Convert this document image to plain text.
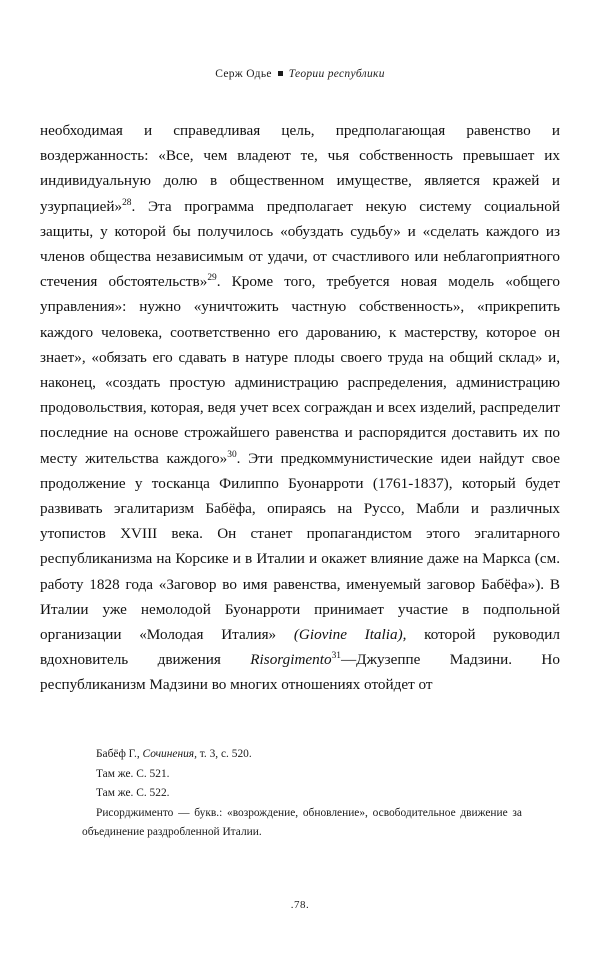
Серж Одье Теории республики

необходимая и справедливая цель, предполагающая равенство и воздержанность: «Все, чем владеют те, чья собственность превышает их индивидуальную долю в общественном имуществе, является кражей и узурпацией»$^{28}$. Эта программа предполагает некую систему социальной защиты, у которой бы получилось «обуздать судьбу» и «сделать каждого из членов общества независимым от удачи, от счастливого или неблагоприятного стечения обстоятельств»$^{29}$. Кроме того, требуется новая модель «общего управления»: нужно «уничтожить частную собственность», «прикрепить каждого человека, соответственно его дарованию, к мастерству, которое он знает», «обязать его сдавать в натуре плоды своего труда на общий склад» и, наконец, «создать простую администрацию распределения, администрацию продовольствия, которая, ведя учет всех сограждан и всех изделий, распределит последние на основе строжайшего равенства и распорядится доставить их по месту жительства каждого»$^{30}$. Эти предкоммунистические идеи найдут свое продолжение у тосканца Филиппо Буонарроти (1761-1837), который будет развивать эгалитаризм Бабёфа, опираясь на Руссо, Мабли и различных утопистов XVIII века. Он станет пропагандистом этого эгалитарного республиканизма на Корсике и в Италии и окажет влияние даже на Маркса (см. работу 1828 года «Заговор во имя равенства, именуемый заговор Бабёфа»). В Италии уже немолодой Буонарроти принимает участие в подпольной организации «Молодая Италия» (Giovine Italia), которой руководил вдохновитель движения Risorgimento$^{31}$—Джузеппе Мадзини. Но республиканизм Мадзини во многих отношениях отойдет от

Бабёф Г., Сочинения, т. 3, с. 520.

Там же. С. 521.

Там же. С. 522.

Рисорджименто — букв.: «возрождение, обновление», освободительное движение за объединение раздробленной Италии.

.78.
